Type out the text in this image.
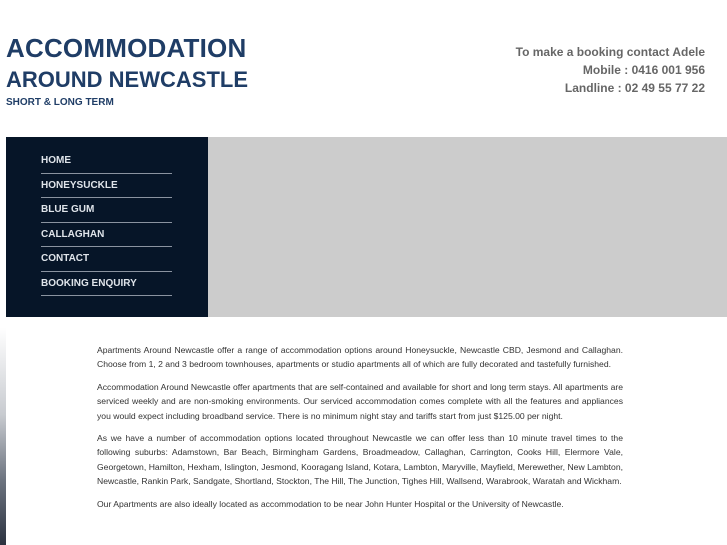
ACCOMMODATION
AROUND NEWCASTLE
SHORT & LONG TERM
To make a booking contact Adele
Mobile : 0416 001 956
Landline : 02 49 55 77 22
HOME
HONEYSUCKLE
BLUE GUM
CALLAGHAN
CONTACT
BOOKING ENQUIRY

Apartments Around Newcastle offer a range of accommodation options around Honeysuckle, Newcastle CBD, Jesmond and Callaghan. Choose from 1, 2 and 3 bedroom townhouses, apartments or studio apartments all of which are fully decorated and tastefully furnished.

Accommodation Around Newcastle offer apartments that are self-contained and available for short and long term stays. All apartments are serviced weekly and are non-smoking environments. Our serviced accommodation comes complete with all the features and appliances you would expect including broadband service. There is no minimum night stay and tariffs start from just $125.00 per night.

As we have a number of accommodation options located throughout Newcastle we can offer less than 10 minute travel times to the following suburbs: Adamstown, Bar Beach, Birmingham Gardens, Broadmeadow, Callaghan, Carrington, Cooks Hill, Elermore Vale, Georgetown, Hamilton, Hexham, Islington, Jesmond, Kooragang Island, Kotara, Lambton, Maryville, Mayfield, Merewether, New Lambton, Newcastle, Rankin Park, Sandgate, Shortland, Stockton, The Hill, The Junction, Tighes Hill, Wallsend, Warabrook, Waratah and Wickham.

Our Apartments are also ideally located as accommodation to be near John Hunter Hospital or the University of Newcastle.
